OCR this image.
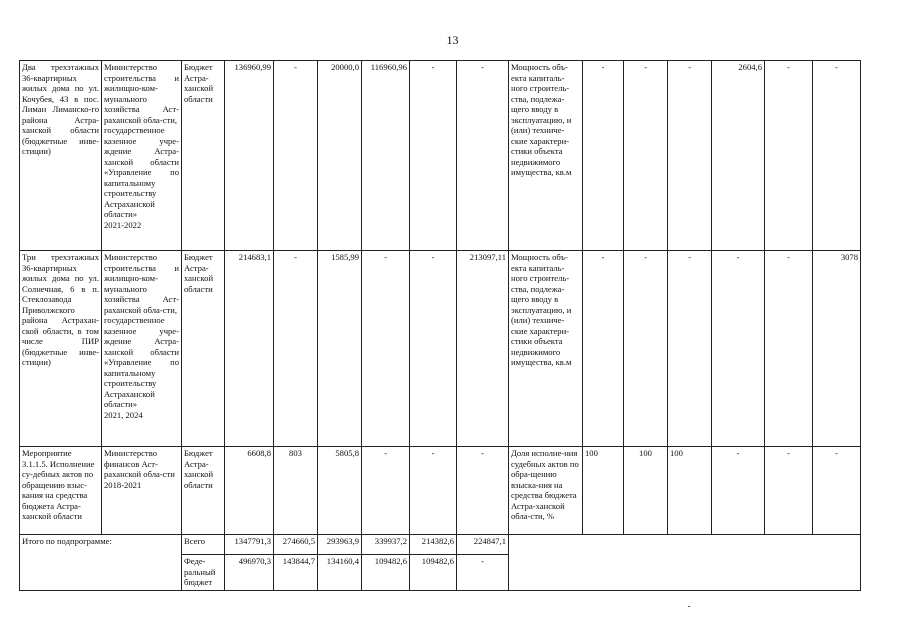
13
Два трехэтажных 36-квартирных жилых дома по ул. Кочубея, 43 в пос. Лиман Лиманско-го района Астра-ханской области (бюджетные инве-стиции)	Министерство строительства и жилищно-ком-мунального хозяйства Аст-раханской обла-сти,
государственное казенное учре-ждение Астра-ханской области «Управление по капитальному строительству Астраханской области»
2021-2022	Бюджет Астра-ханской области	136960,99	-	20000,0	116960,96	-	-	Мощность объ-екта капиталь-ного строитель-ства, подлежа-щего вводу в эксплуатацию, и (или) техниче-ские характери-стики объекта недвижимого имущества, кв.м	-	-	-	2604,6	-	-
Три трехэтажных 36-квартирных жилых дома по ул. Солнечная, 6 в п. Стеклозавода Приволжского района Астрахан-ской области, в том числе ПИР (бюджетные инве-стиции)	Министерство строительства и жилищно-ком-мунального хозяйства Аст-раханской обла-сти,
государственное казенное учре-ждение Астра-ханской области «Управление по капитальному строительству Астраханской области»
2021, 2024	Бюджет Астра-ханской области	214683,1	-	1585,99	-	-	213097,11	Мощность объ-екта капиталь-ного строитель-ства, подлежа-щего вводу в эксплуатацию, и (или) техниче-ские характери-стики объекта недвижимого имущества, кв.м	-	-	-	-	-	3078
Мероприятие 3.1.1.5. Исполнение су-дебных актов по обращению взыс-кания на средства бюджета Астра-ханской области	Министерство финансов Аст-раханской обла-сти 2018-2021	Бюджет Астра-ханской области	6608,8	803	5805,8	-	-	-	Доля исполне-ния судебных актов по обра-щению взыска-ния на средства бюджета Астра-ханской обла-сти, %	100	100	100	-	-	-
Итого по подпрограмме:		Всего	1347791,3	274660,5	293963,9	339937,2	214382,6	224847,1							
		Феде-
ральный
бюджет	496970,3	143844,7	134160,4	109482,6	109482,6	-							
